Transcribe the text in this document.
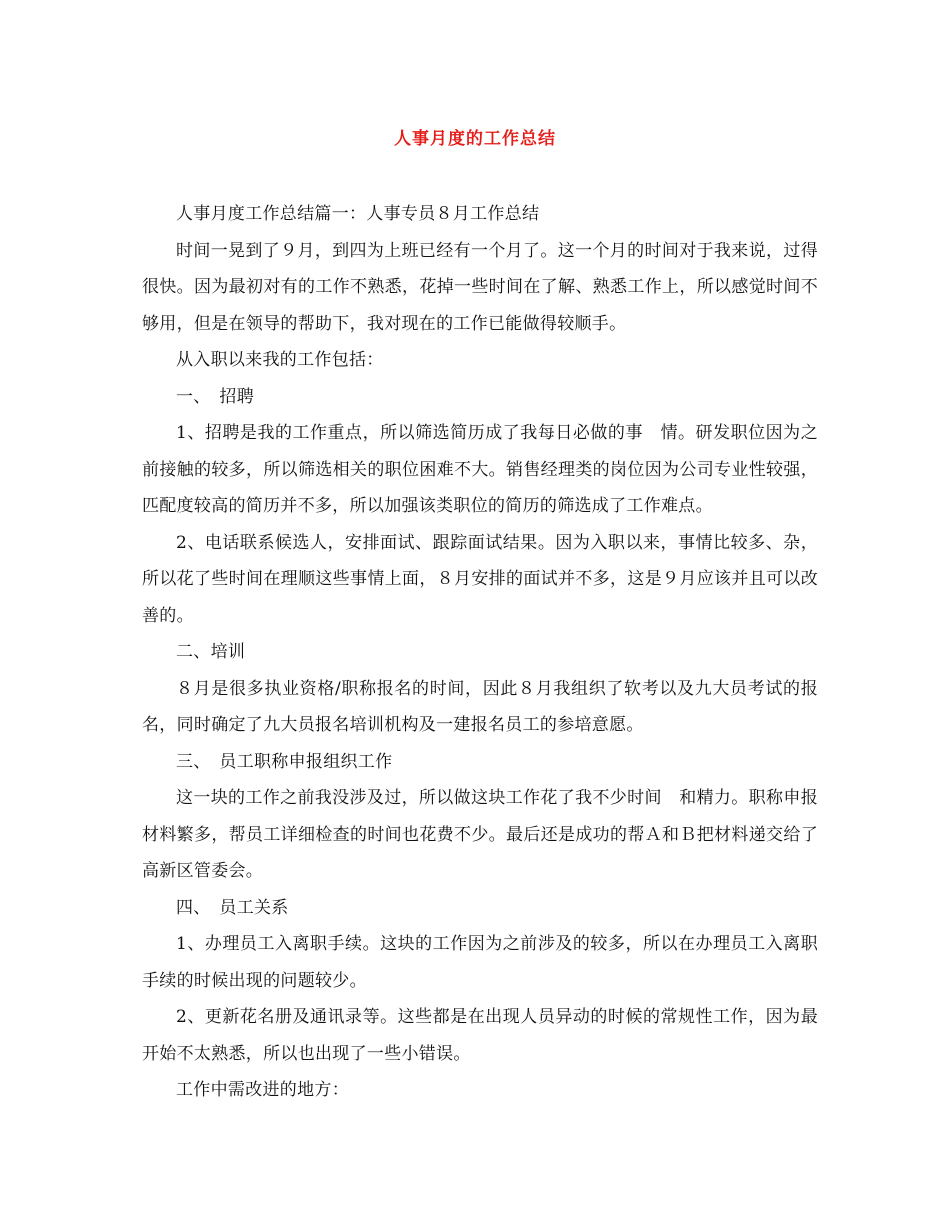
人事月度的工作总结

人事月度工作总结篇一：人事专员８月工作总结

时间一晃到了９月，到四为上班已经有一个月了。这一个月的时间对于我来说，过得很快。因为最初对有的工作不熟悉，花掉一些时间在了解、熟悉工作上，所以感觉时间不够用，但是在领导的帮助下，我对现在的工作已能做得较顺手。

从入职以来我的工作包括：

一、　招聘

1、招聘是我的工作重点，所以筛选简历成了我每日必做的事　情。研发职位因为之前接触的较多，所以筛选相关的职位困难不大。销售经理类的岗位因为公司专业性较强，匹配度较高的简历并不多，所以加强该类职位的简历的筛选成了工作难点。

2、电话联系候选人，安排面试、跟踪面试结果。因为入职以来，事情比较多、杂，所以花了些时间在理顺这些事情上面，８月安排的面试并不多，这是９月应该并且可以改善的。

二、培训

８月是很多执业资格/职称报名的时间，因此８月我组织了软考以及九大员考试的报名，同时确定了九大员报名培训机构及一建报名员工的参培意愿。

三、　员工职称申报组织工作

这一块的工作之前我没涉及过，所以做这块工作花了我不少时间　和精力。职称申报材料繁多，帮员工详细检查的时间也花费不少。最后还是成功的帮Ａ和Ｂ把材料递交给了高新区管委会。

四、　员工关系

1、办理员工入离职手续。这块的工作因为之前涉及的较多，所以在办理员工入离职手续的时候出现的问题较少。

2、更新花名册及通讯录等。这些都是在出现人员异动的时候的常规性工作，因为最开始不太熟悉，所以也出现了一些小错误。

工作中需改进的地方：
